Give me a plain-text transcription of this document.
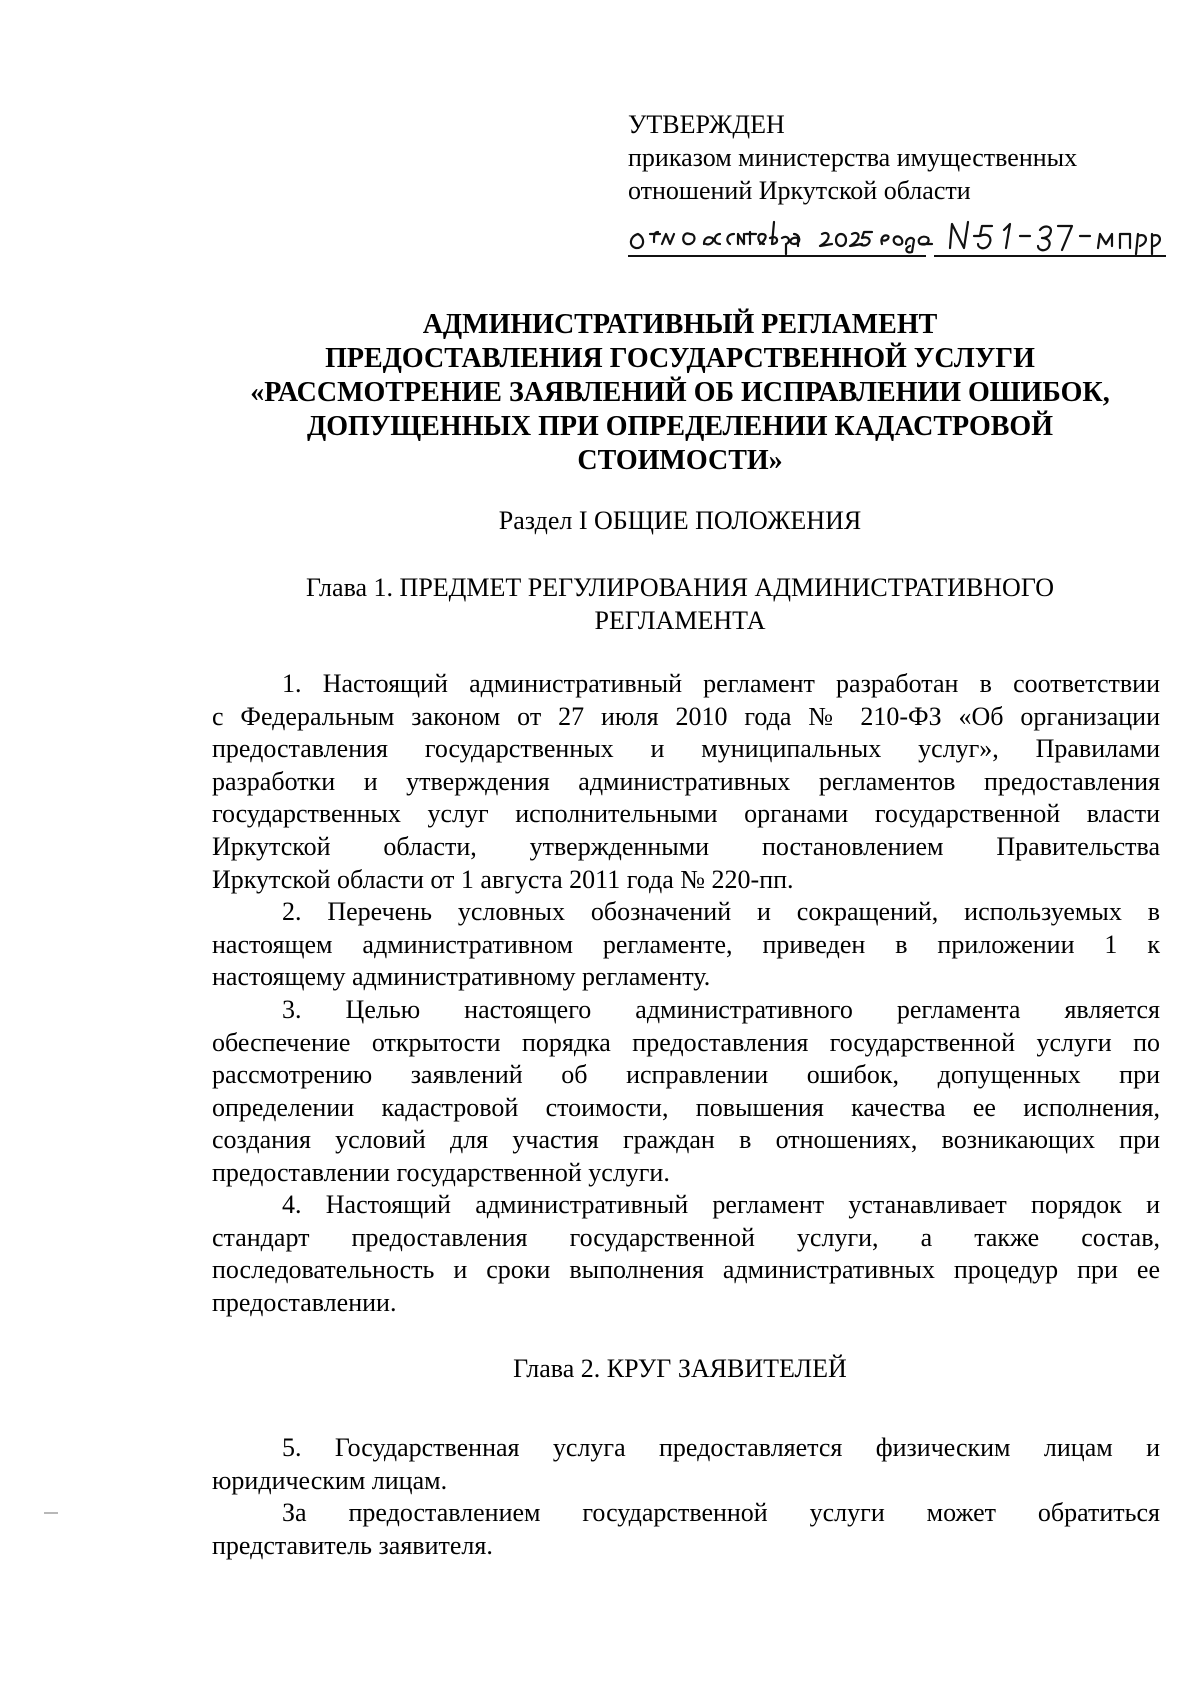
УТВЕРЖДЕН
приказом министерства имущественных
отношений Иркутской области
АДМИНИСТРАТИВНЫЙ РЕГЛАМЕНТ
ПРЕДОСТАВЛЕНИЯ ГОСУДАРСТВЕННОЙ УСЛУГИ
«РАССМОТРЕНИЕ ЗАЯВЛЕНИЙ ОБ ИСПРАВЛЕНИИ ОШИБОК,
ДОПУЩЕННЫХ ПРИ ОПРЕДЕЛЕНИИ КАДАСТРОВОЙ
СТОИМОСТИ»
Раздел I ОБЩИЕ ПОЛОЖЕНИЯ
Глава 1. ПРЕДМЕТ РЕГУЛИРОВАНИЯ АДМИНИСТРАТИВНОГО
РЕГЛАМЕНТА
1. Настоящий административный регламент разработан в соответствии
с Федеральным законом от 27 июля 2010 года № 210-ФЗ «Об организации
предоставления государственных и муниципальных услуг», Правилами
разработки и утверждения административных регламентов предоставления
государственных услуг исполнительными органами государственной власти
Иркутской области, утвержденными постановлением Правительства
Иркутской области от 1 августа 2011 года № 220-пп.
2. Перечень условных обозначений и сокращений, используемых в
настоящем административном регламенте, приведен в приложении 1 к
настоящему административному регламенту.
3. Целью настоящего административного регламента является
обеспечение открытости порядка предоставления государственной услуги по
рассмотрению заявлений об исправлении ошибок, допущенных при
определении кадастровой стоимости, повышения качества ее исполнения,
создания условий для участия граждан в отношениях, возникающих при
предоставлении государственной услуги.
4. Настоящий административный регламент устанавливает порядок и
стандарт предоставления государственной услуги, а также состав,
последовательность и сроки выполнения административных процедур при ее
предоставлении.
Глава 2. КРУГ ЗАЯВИТЕЛЕЙ
5. Государственная услуга предоставляется физическим лицам и
юридическим лицам.
За предоставлением государственной услуги может обратиться
представитель заявителя.
